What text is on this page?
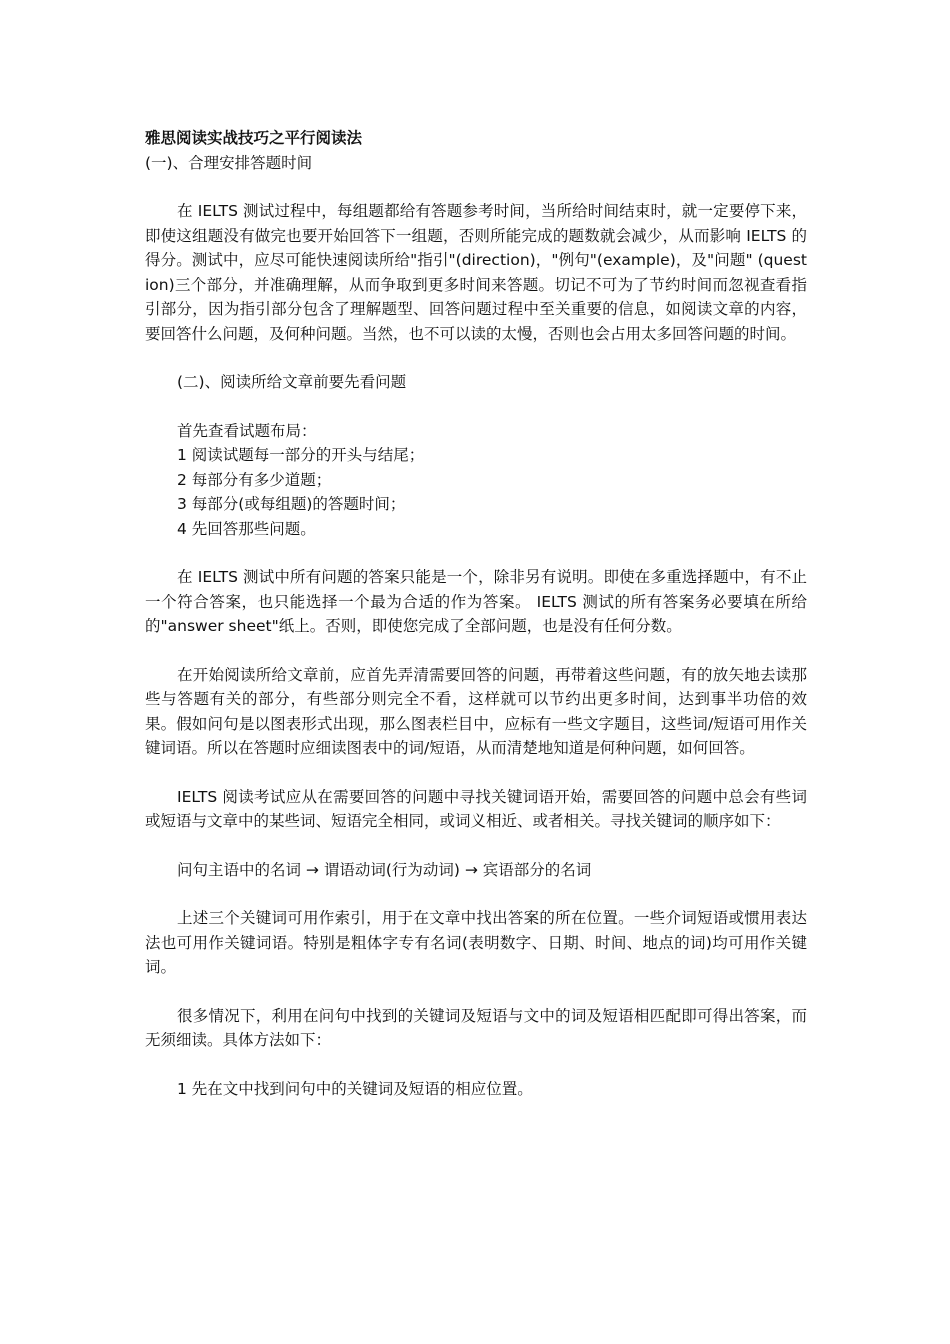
雅思阅读实战技巧之平行阅读法

(一)、合理安排答题时间

在 IELTS 测试过程中，每组题都给有答题参考时间，当所给时间结束时，就一定要停下来，即使这组题没有做完也要开始回答下一组题，否则所能完成的题数就会减少，从而影响 IELTS 的得分。测试中，应尽可能快速阅读所给"指引"(direction)，"例句"(example)，及"问题" (question)三个部分，并准确理解，从而争取到更多时间来答题。切记不可为了节约时间而忽视查看指引部分，因为指引部分包含了理解题型、回答问题过程中至关重要的信息，如阅读文章的内容，要回答什么问题，及何种问题。当然，也不可以读的太慢，否则也会占用太多回答问题的时间。

(二)、阅读所给文章前要先看问题

首先查看试题布局：

1 阅读试题每一部分的开头与结尾；

2 每部分有多少道题；

3 每部分(或每组题)的答题时间；

4 先回答那些问题。

在 IELTS 测试中所有问题的答案只能是一个，除非另有说明。即使在多重选择题中，有不止一个符合答案，也只能选择一个最为合适的作为答案。 IELTS 测试的所有答案务必要填在所给的"answer sheet"纸上。否则，即使您完成了全部问题，也是没有任何分数。

在开始阅读所给文章前，应首先弄清需要回答的问题，再带着这些问题，有的放矢地去读那些与答题有关的部分，有些部分则完全不看，这样就可以节约出更多时间，达到事半功倍的效果。假如问句是以图表形式出现，那么图表栏目中，应标有一些文字题目，这些词/短语可用作关键词语。所以在答题时应细读图表中的词/短语，从而清楚地知道是何种问题，如何回答。

IELTS 阅读考试应从在需要回答的问题中寻找关键词语开始，需要回答的问题中总会有些词或短语与文章中的某些词、短语完全相同，或词义相近、或者相关。寻找关键词的顺序如下：

问句主语中的名词 → 谓语动词(行为动词) → 宾语部分的名词

上述三个关键词可用作索引，用于在文章中找出答案的所在位置。一些介词短语或惯用表达法也可用作关键词语。特别是粗体字专有名词(表明数字、日期、时间、地点的词)均可用作关键词。

很多情况下，利用在问句中找到的关键词及短语与文中的词及短语相匹配即可得出答案，而无须细读。具体方法如下：

1 先在文中找到问句中的关键词及短语的相应位置。
